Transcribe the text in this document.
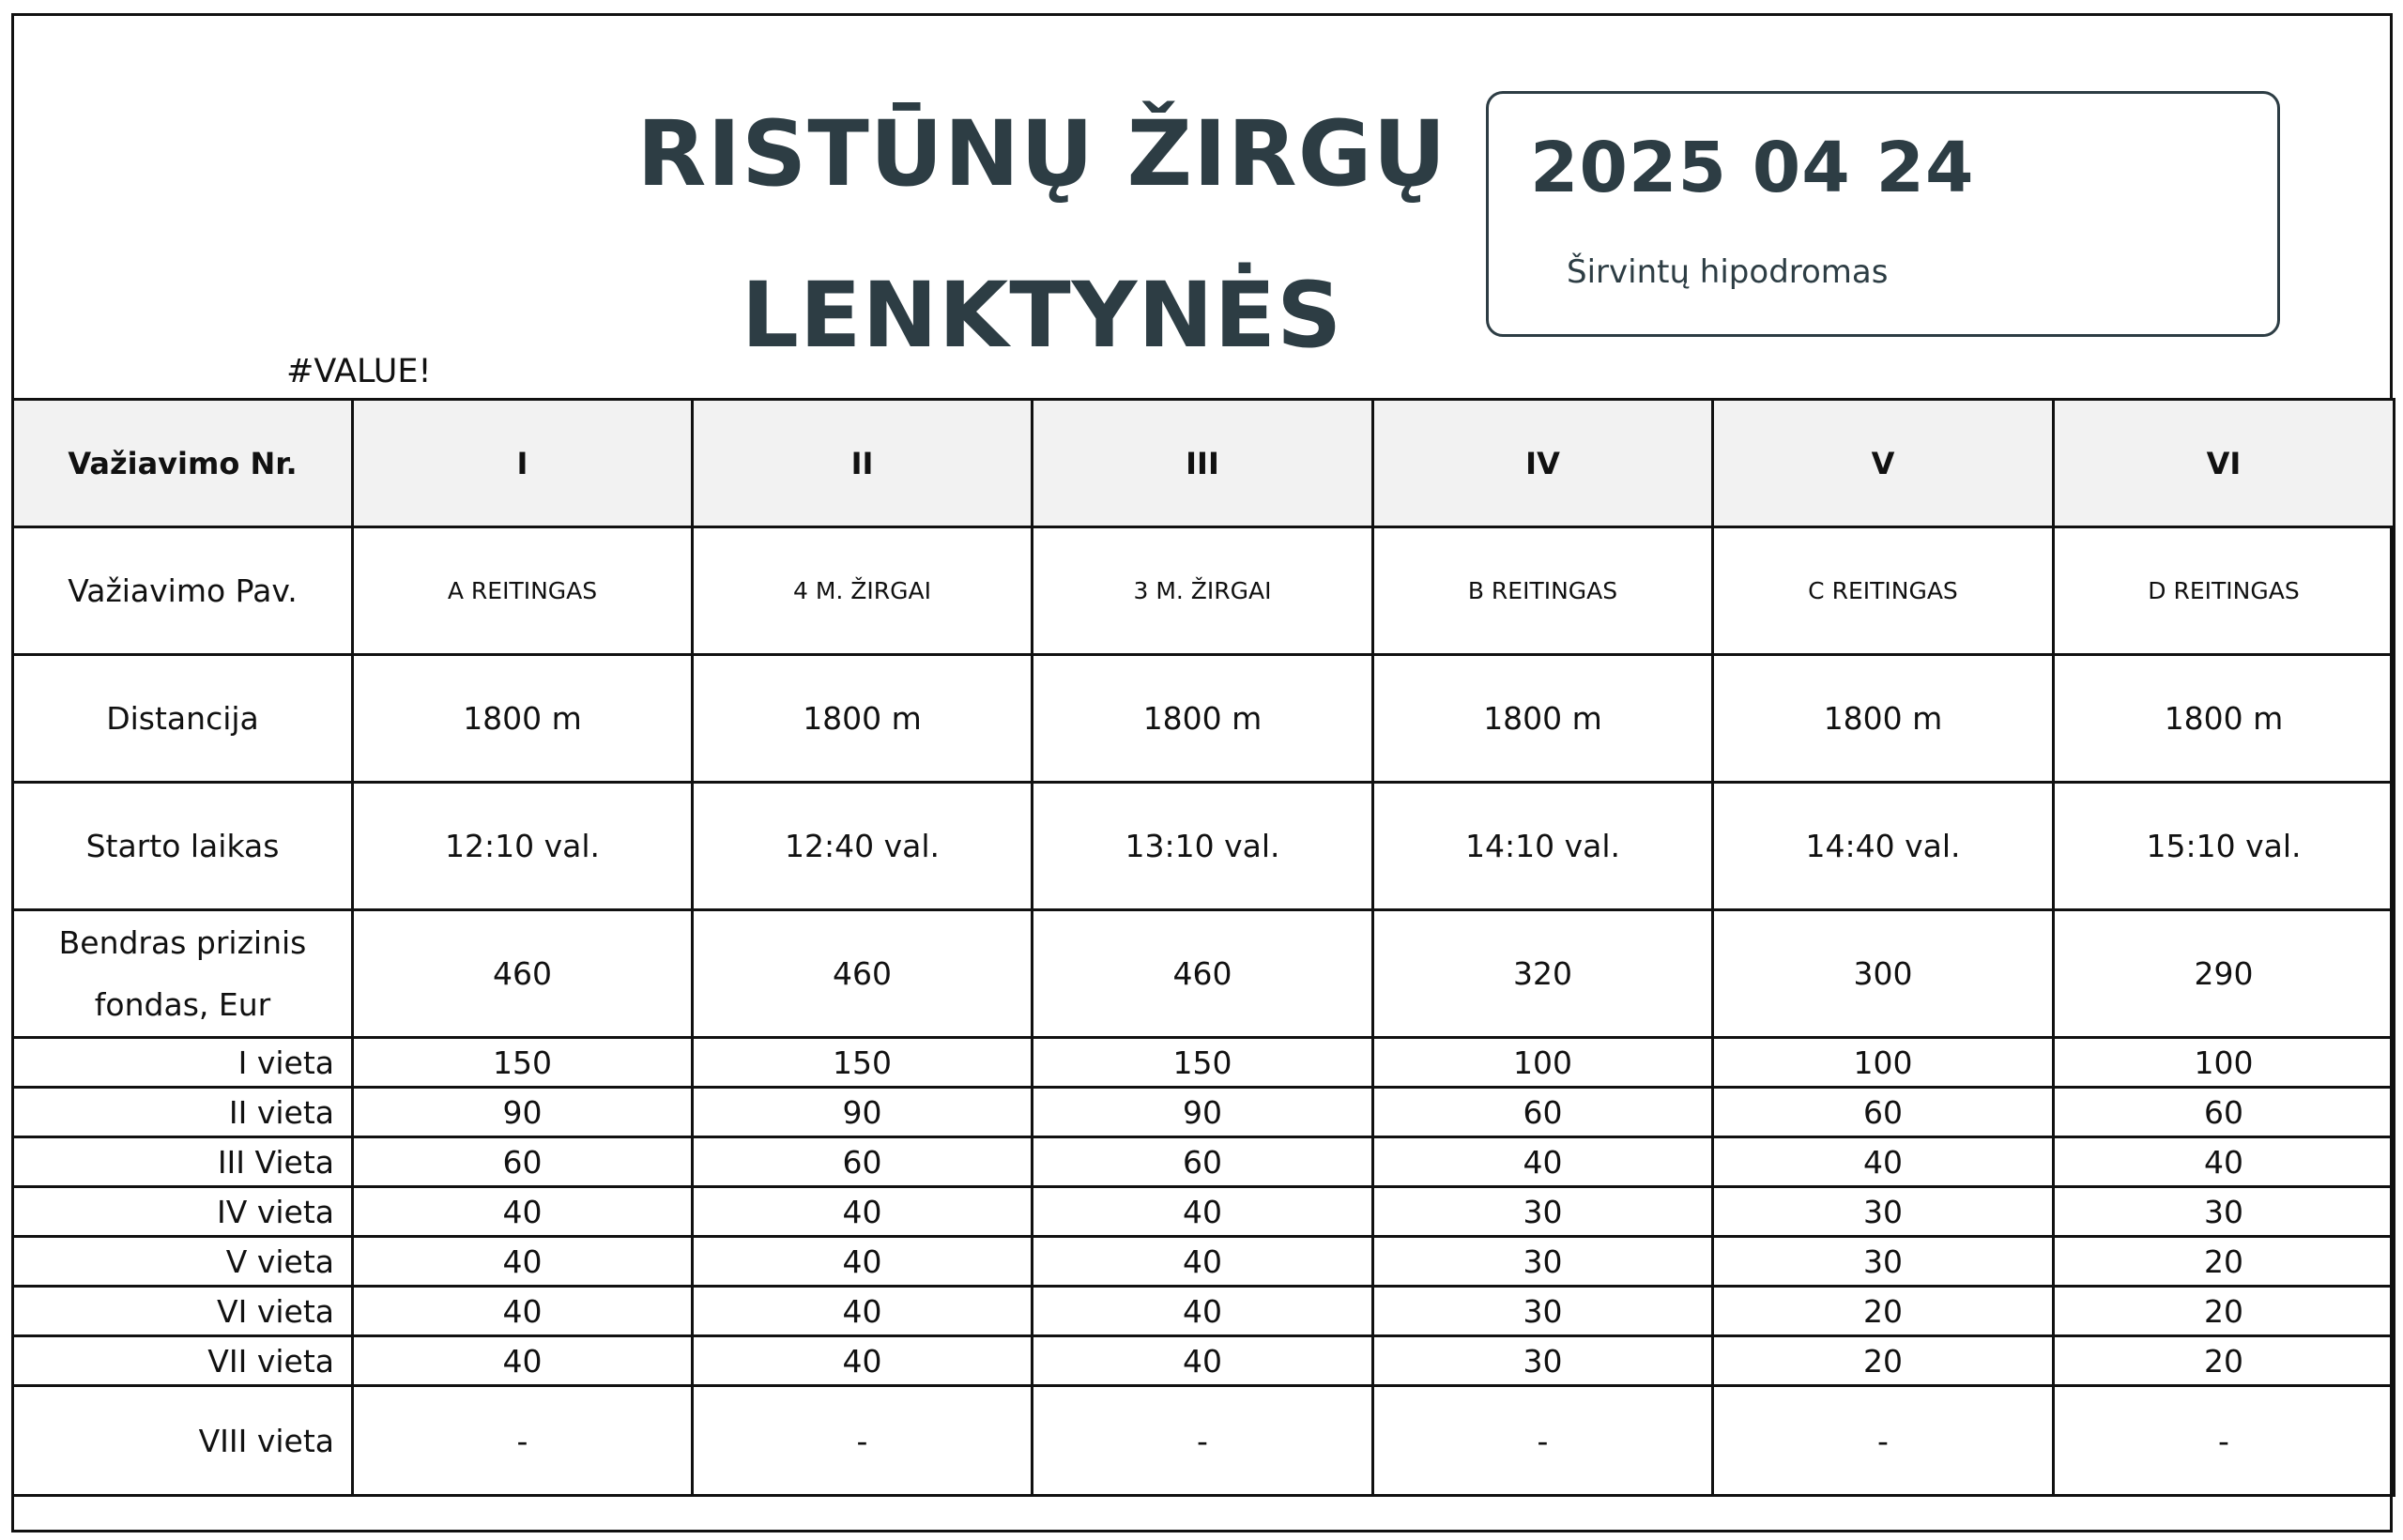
RISTŪNŲ ŽIRGŲ
LENKTYNĖS
2025 04 24
Širvintų hipodromas
#VALUE!
Važiavimo Nr.	I	II	III	IV	V	VI
Važiavimo Pav.	A REITINGAS	4 M. ŽIRGAI	3 M. ŽIRGAI	B REITINGAS	C REITINGAS	D REITINGAS
Distancija	1800 m	1800 m	1800 m	1800 m	1800 m	1800 m
Starto laikas	12:10 val.	12:40 val.	13:10 val.	14:10 val.	14:40 val.	15:10 val.

Bendras prizinis
fondas, Eur	460	460	460	320	300	290
I vieta	150	150	150	100	100	100
II vieta	90	90	90	60	60	60
III Vieta	60	60	60	40	40	40
IV vieta	40	40	40	30	30	30
V vieta	40	40	40	30	30	20
VI vieta	40	40	40	30	20	20
VII vieta	40	40	40	30	20	20
VIII vieta	-	-	-	-	-	-
